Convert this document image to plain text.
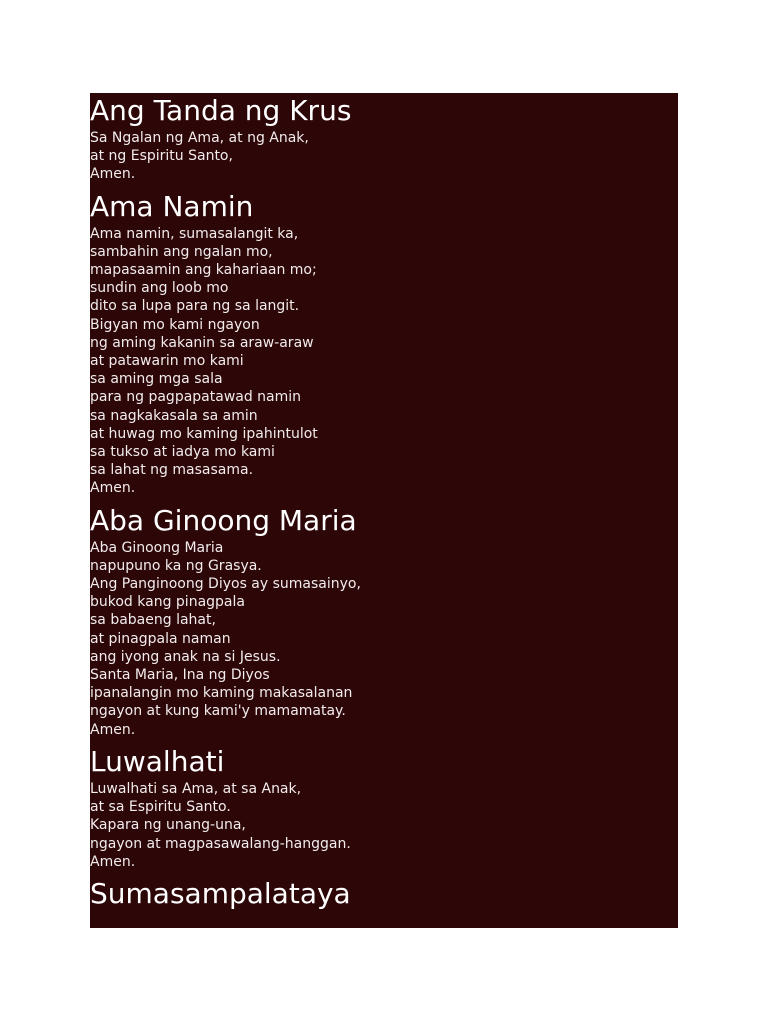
Ang Tanda ng Krus
Sa Ngalan ng Ama, at ng Anak,
at ng Espiritu Santo,
Amen.
Ama Namin
Ama namin, sumasalangit ka,
sambahin ang ngalan mo,
mapasaamin ang kahariaan mo;
sundin ang loob mo
dito sa lupa para ng sa langit.
Bigyan mo kami ngayon
ng aming kakanin sa araw-araw
at patawarin mo kami
sa aming mga sala
para ng pagpapatawad namin
sa nagkakasala sa amin
at huwag mo kaming ipahintulot
sa tukso at iadya mo kami
sa lahat ng masasama.
Amen.
Aba Ginoong Maria
Aba Ginoong Maria
napupuno ka ng Grasya.
Ang Panginoong Diyos ay sumasainyo,
bukod kang pinagpala
sa babaeng lahat,
at pinagpala naman
ang iyong anak na si Jesus.
Santa Maria, Ina ng Diyos
ipanalangin mo kaming makasalanan
ngayon at kung kami'y mamamatay.
Amen.
Luwalhati
Luwalhati sa Ama, at sa Anak,
at sa Espiritu Santo.
Kapara ng unang-una,
ngayon at magpasawalang-hanggan.
Amen.
Sumasampalataya
